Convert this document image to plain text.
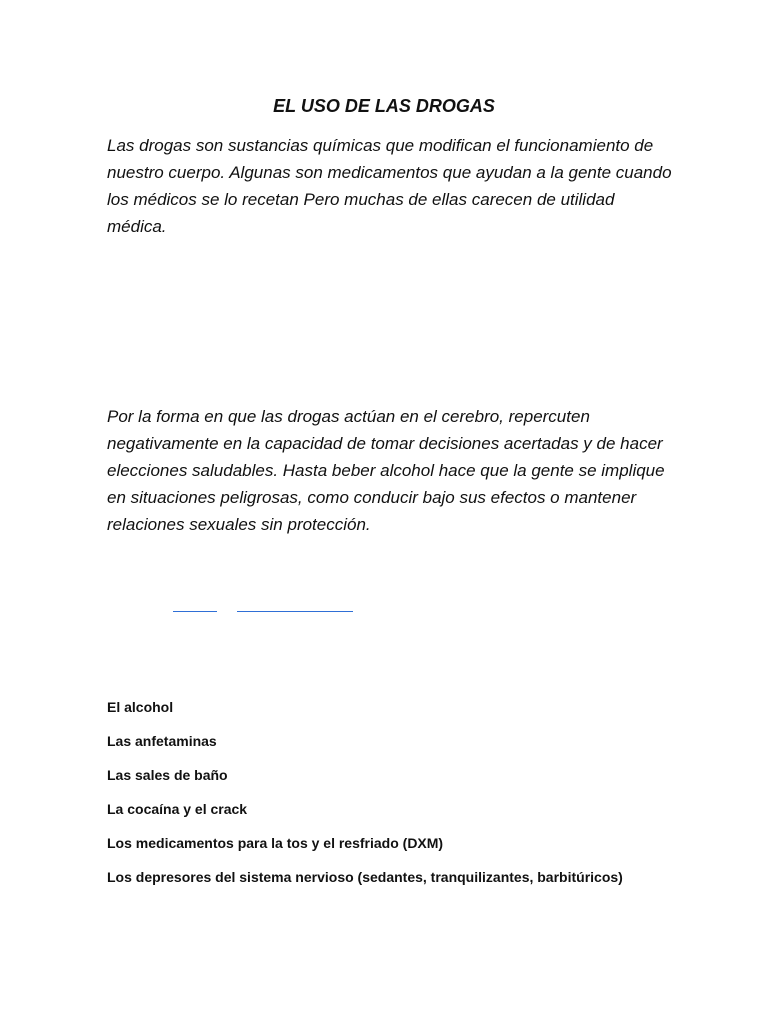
EL USO DE LAS DROGAS

Las drogas son sustancias químicas que modifican el funcionamiento de nuestro cuerpo. Algunas son medicamentos que ayudan a la gente cuando los médicos se lo recetan Pero muchas de ellas carecen de utilidad médica.

Por la forma en que las drogas actúan en el cerebro, repercuten negativamente en la capacidad de tomar decisiones acertadas y de hacer elecciones saludables. Hasta beber alcohol hace que la gente se implique en situaciones peligrosas, como conducir bajo sus efectos o mantener relaciones sexuales sin protección.

El alcohol
Las anfetaminas
Las sales de baño
La cocaína y el crack
Los medicamentos para la tos y el resfriado (DXM)
Los depresores del sistema nervioso (sedantes, tranquilizantes, barbitúricos)
